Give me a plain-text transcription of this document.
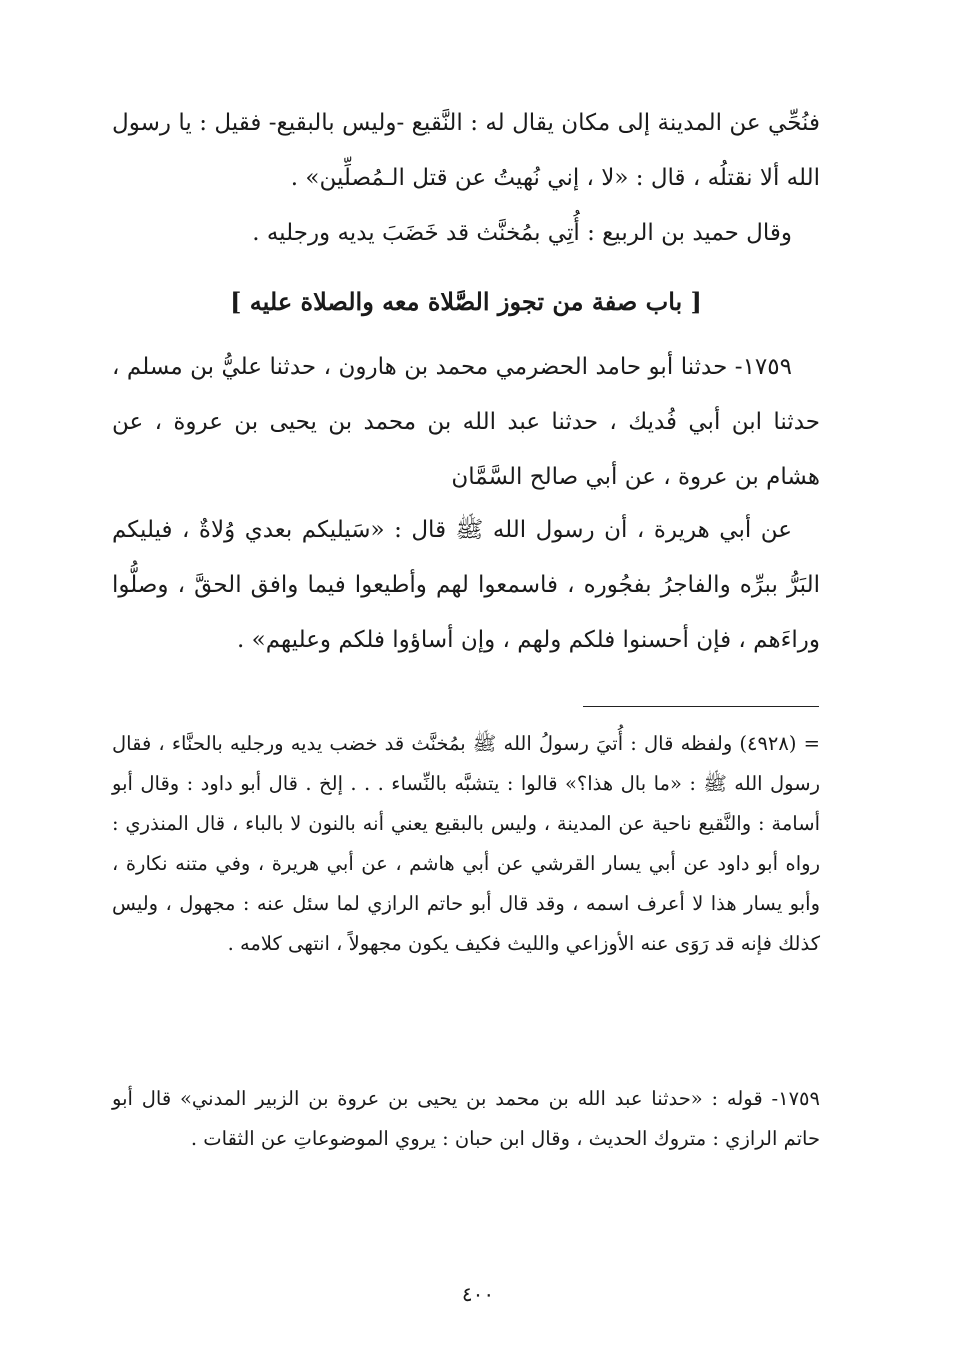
فنُحِّي عن المدينة إلى مكان يقال له : النَّقيع -وليس بالبقيع- فقيل : يا رسول الله ألا نقتلُه ، قال : «لا ، إني نُهيتُ عن قتل الـمُصلِّين» .

وقال حميد بن الربيع : أُتِي بمُخنَّث قد خَضَبَ يديه ورجليه .

[ باب صفة من تجوز الصَّلاة معه والصلاة عليه ]

١٧٥٩- حدثنا أبو حامد الحضرمي محمد بن هارون ، حدثنا عليُّ بن مسلم ، حدثنا ابن أبي فُديك ، حدثنا عبد الله بن محمد بن يحيى بن عروة ، عن هشام بن عروة ، عن أبي صالح السَّمَّان

عن أبي هريرة ، أن رسول الله ﷺ قال : «سَيليكم بعدي وُلاةٌ ، فيليكم البَرُّ ببرِّه والفاجرُ بفجُوره ، فاسمعوا لهم وأطيعوا فيما وافق الحقَّ ، وصلُّوا وراءَهم ، فإن أحسنوا فلكم ولهم ، وإن أساؤوا فلكم وعليهم» .

= (٤٩٢٨) ولفظه قال : أُتيَ رسولُ الله ﷺ بمُخنَّث قد خضب يديه ورجليه بالحنَّاء ، فقال رسول الله ﷺ : «ما بال هذا؟» قالوا : يتشبَّه بالنِّساء . . . إلخ . قال أبو داود : وقال أبو أسامة : والنَّقيع ناحية عن المدينة ، وليس بالبقيع يعني أنه بالنون لا بالباء ، قال المنذري : رواه أبو داود عن أبي يسار القرشي عن أبي هاشم ، عن أبي هريرة ، وفي متنه نكارة ، وأبو يسار هذا لا أعرف اسمه ، وقد قال أبو حاتم الرازي لما سئل عنه : مجهول ، وليس كذلك فإنه قد رَوَى عنه الأوزاعي والليث فكيف يكون مجهولاً ، انتهى كلامه .

١٧٥٩- قوله : «حدثنا عبد الله بن محمد بن يحيى بن عروة بن الزبير المدني» قال أبو حاتم الرازي : متروك الحديث ، وقال ابن حبان : يروي الموضوعاتِ عن الثقات .

٤٠٠
